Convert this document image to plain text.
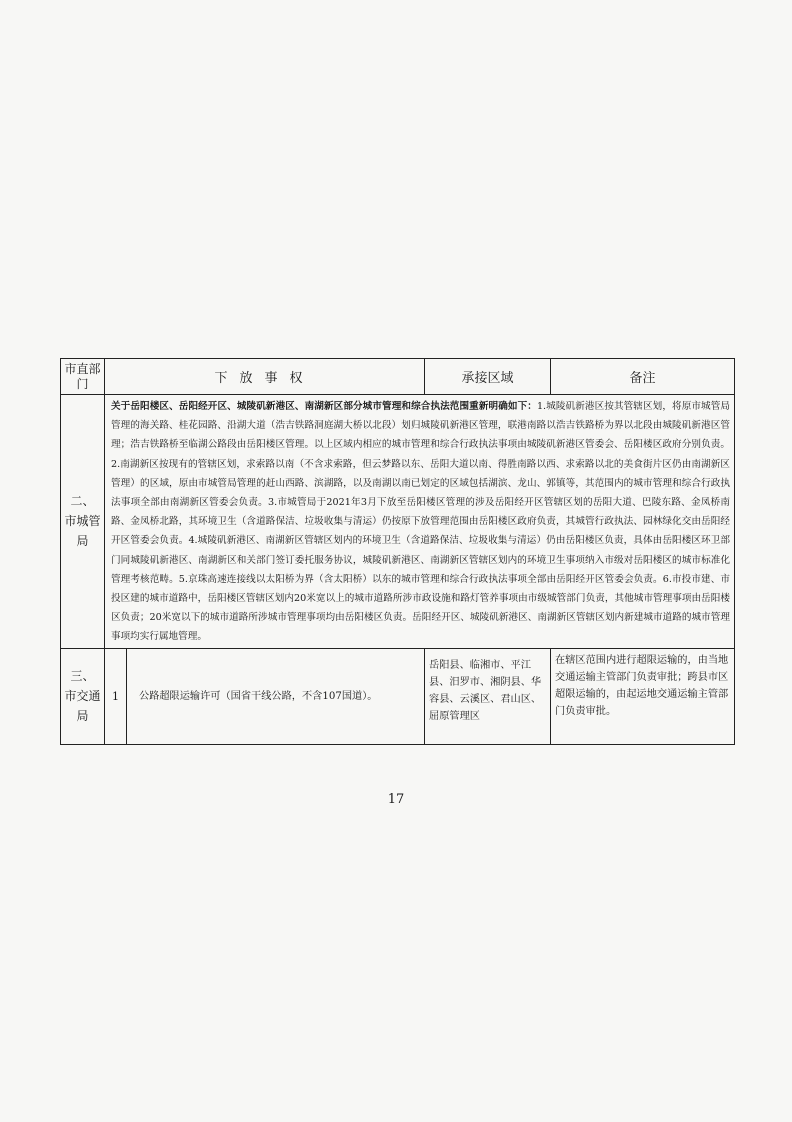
市直部门	下放事权		承接区域	备注

二、
市城管局	关于岳阳楼区、岳阳经开区、城陵矶新港区、南湖新区部分城市管理和综合执法范围重新明确如下：1.城陵矶新港区按其管辖区划，将原市城管局管理的海关路、桂花园路、沿湖大道（浩吉铁路洞庭湖大桥以北段）划归城陵矶新港区管理，联港南路以浩吉铁路桥为界以北段由城陵矶新港区管理；浩吉铁路桥至临湖公路段由岳阳楼区管理。以上区域内相应的城市管理和综合行政执法事项由城陵矶新港区管委会、岳阳楼区政府分别负责。2.南湖新区按现有的管辖区划，求索路以南（不含求索路，但云梦路以东、岳阳大道以南、得胜南路以西、求索路以北的美食街片区仍由南湖新区管理）的区域，原由市城管局管理的赶山西路、滨湖路，以及南湖以南已划定的区域包括湖滨、龙山、郭镇等，其范围内的城市管理和综合行政执法事项全部由南湖新区管委会负责。3.市城管局于2021年3月下放至岳阳楼区管理的涉及岳阳经开区管辖区划的岳阳大道、巴陵东路、金凤桥南路、金凤桥北路，其环境卫生（含道路保洁、垃圾收集与清运）仍按原下放管理范围由岳阳楼区政府负责，其城管行政执法、园林绿化交由岳阳经开区管委会负责。4.城陵矶新港区、南湖新区管辖区划内的环境卫生（含道路保洁、垃圾收集与清运）仍由岳阳楼区负责，具体由岳阳楼区环卫部门同城陵矶新港区、南湖新区和关部门签订委托服务协议，城陵矶新港区、南湖新区管辖区划内的环境卫生事项纳入市级对岳阳楼区的城市标准化管理考核范畴。5.京珠高速连接线以太阳桥为界（含太阳桥）以东的城市管理和综合行政执法事项全部由岳阳经开区管委会负责。6.市投市建、市投区建的城市道路中，岳阳楼区管辖区划内20米宽以上的城市道路所涉市政设施和路灯管养事项由市级城管部门负责，其他城市管理事项由岳阳楼区负责；20米宽以下的城市道路所涉城市管理事项均由岳阳楼区负责。岳阳经开区、城陵矶新港区、南湖新区管辖区划内新建城市道路的城市管理事项均实行属地管理。			

三、
市交通局	1	公路超限运输许可（国省干线公路，不含107国道）。	岳阳县、临湘市、平江县、汨罗市、湘阴县、华容县、云溪区、君山区、屈原管理区	在辖区范围内进行超限运输的，由当地交通运输主管部门负责审批；跨县市区超限运输的，由起运地交通运输主管部门负责审批。
17
